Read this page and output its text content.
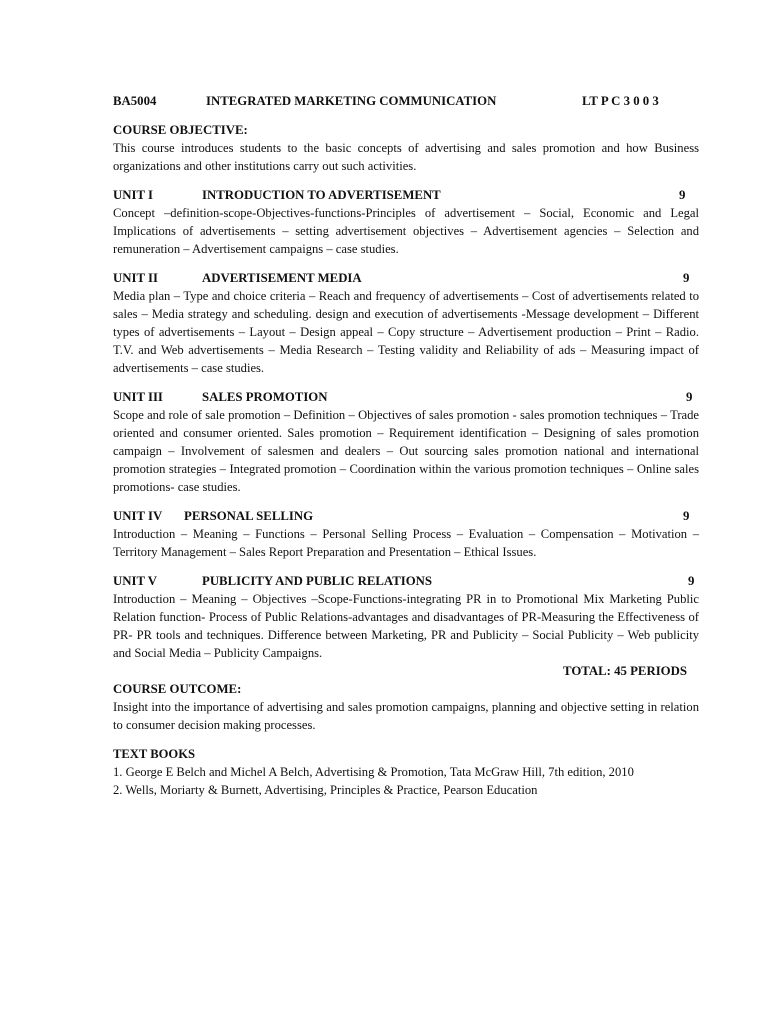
BA5004	INTEGRATED MARKETING COMMUNICATION	LT P C 3 0 0 3

COURSE OBJECTIVE:

This course introduces students to the basic concepts of advertising and sales promotion and how Business organizations and other institutions carry out such activities.

UNIT I	INTRODUCTION TO ADVERTISEMENT	9

Concept –definition-scope-Objectives-functions-Principles of advertisement – Social, Economic and Legal Implications of advertisements – setting advertisement objectives – Advertisement agencies – Selection and remuneration – Advertisement campaigns – case studies.

UNIT II	ADVERTISEMENT MEDIA	9

Media plan – Type and choice criteria – Reach and frequency of advertisements – Cost of advertisements related to sales – Media strategy and scheduling. design and execution of advertisements -Message development – Different types of advertisements – Layout – Design appeal – Copy structure – Advertisement production – Print – Radio. T.V. and Web advertisements – Media Research – Testing validity and Reliability of ads – Measuring impact of advertisements – case studies.

UNIT III	SALES PROMOTION	9

Scope and role of sale promotion – Definition – Objectives of sales promotion - sales promotion techniques – Trade oriented and consumer oriented. Sales promotion – Requirement identification – Designing of sales promotion campaign – Involvement of salesmen and dealers – Out sourcing sales promotion national and international promotion strategies – Integrated promotion – Coordination within the various promotion techniques – Online sales promotions- case studies.

UNIT IV PERSONAL SELLING	9

Introduction – Meaning – Functions – Personal Selling Process – Evaluation – Compensation – Motivation – Territory Management – Sales Report Preparation and Presentation – Ethical Issues.

UNIT V	PUBLICITY AND PUBLIC RELATIONS	9

Introduction – Meaning – Objectives –Scope-Functions-integrating PR in to Promotional Mix Marketing Public Relation function- Process of Public Relations-advantages and disadvantages of PR-Measuring the Effectiveness of PR- PR tools and techniques. Difference between Marketing, PR and Publicity – Social Publicity – Web publicity and Social Media – Publicity Campaigns.

TOTAL: 45 PERIODS

COURSE OUTCOME:

Insight into the importance of advertising and sales promotion campaigns, planning and objective setting in relation to consumer decision making processes.

TEXT BOOKS

1. George E Belch and Michel A Belch, Advertising & Promotion, Tata McGraw Hill, 7th edition, 2010

2. Wells, Moriarty & Burnett, Advertising, Principles & Practice, Pearson Education
